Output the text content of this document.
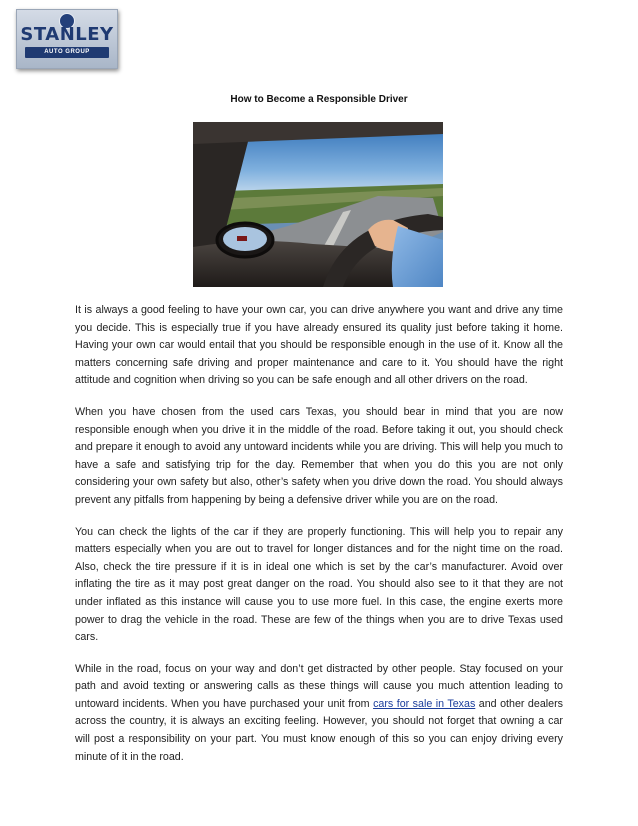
STANLEY
AUTO GROUP
How to Become a Responsible Driver

It is always a good feeling to have your own car, you can drive anywhere you want and drive any time you decide. This is especially true if you have already ensured its quality just before taking it home. Having your own car would entail that you should be responsible enough in the use of it. Know all the matters concerning safe driving and proper maintenance and care to it. You should have the right attitude and cognition when driving so you can be safe enough and all other drivers on the road.

When you have chosen from the used cars Texas, you should bear in mind that you are now responsible enough when you drive it in the middle of the road. Before taking it out, you should check and prepare it enough to avoid any untoward incidents while you are driving. This will help you much to have a safe and satisfying trip for the day. Remember that when you do this you are not only considering your own safety but also, other’s safety when you drive down the road. You should always prevent any pitfalls from happening by being a defensive driver while you are on the road.

You can check the lights of the car if they are properly functioning. This will help you to repair any matters especially when you are out to travel for longer distances and for the night time on the road. Also, check the tire pressure if it is in ideal one which is set by the car’s manufacturer. Avoid over inflating the tire as it may post great danger on the road. You should also see to it that they are not under inflated as this instance will cause you to use more fuel. In this case, the engine exerts more power to drag the vehicle in the road. These are few of the things when you are to drive Texas used cars.

While in the road, focus on your way and don’t get distracted by other people. Stay focused on your path and avoid texting or answering calls as these things will cause you much attention leading to untoward incidents. When you have purchased your unit from cars for sale in Texas and other dealers across the country, it is always an exciting feeling. However, you should not forget that owning a car will post a responsibility on your part. You must know enough of this so you can enjoy driving every minute of it in the road.
